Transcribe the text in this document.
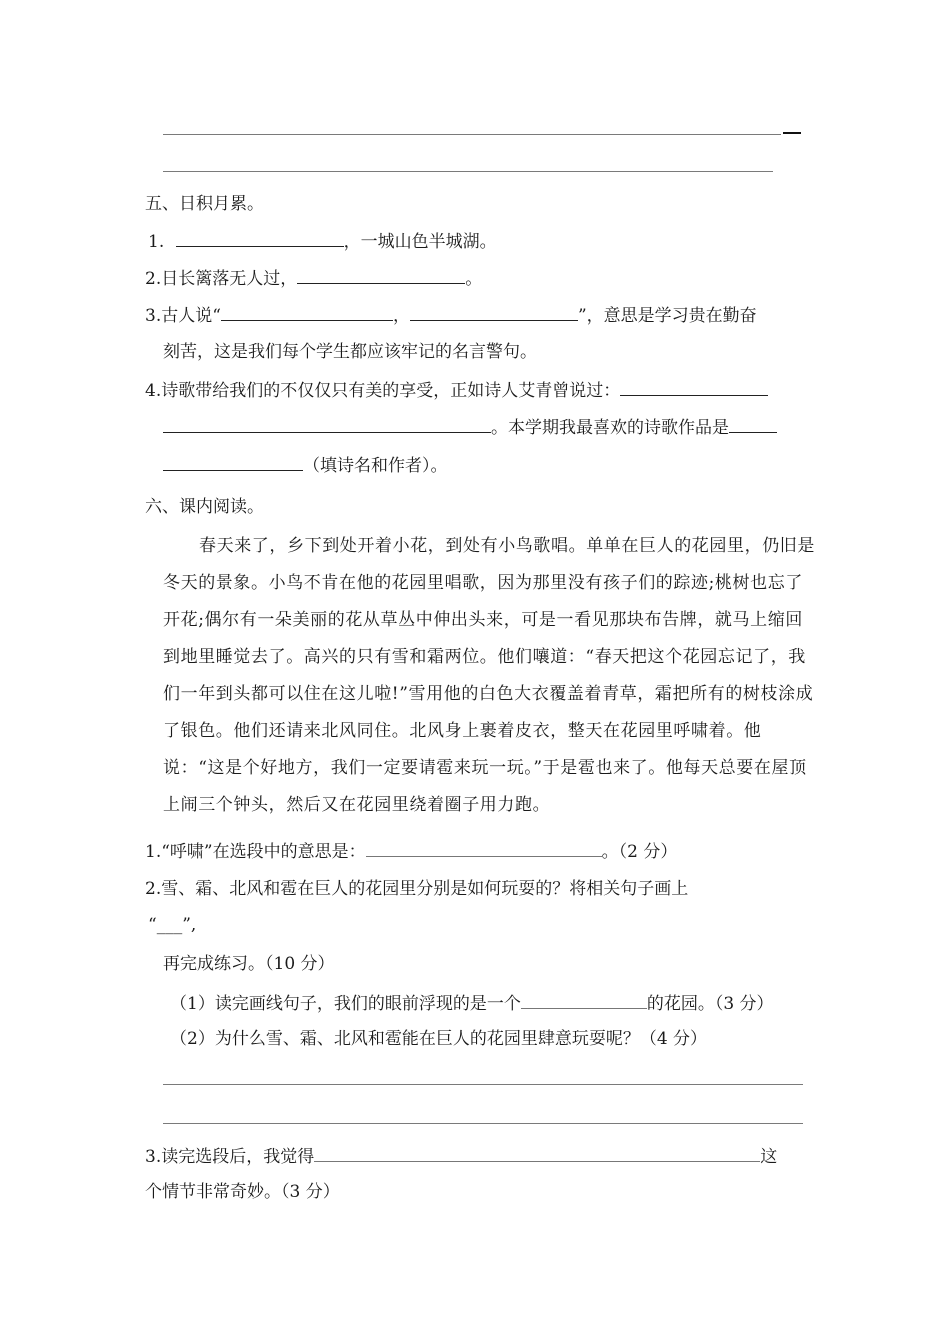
五、日积月累。
1.	，一城山色半城湖。
2.日长篱落无人过，	。
3.古人说“	，	”，意思是学习贵在勤奋
刻苦，这是我们每个学生都应该牢记的名言警句。
4.诗歌带给我们的不仅仅只有美的享受，正如诗人艾青曾说过：
。本学期我最喜欢的诗歌作品是
（填诗名和作者）。
六、课内阅读。
春天来了，乡下到处开着小花，到处有小鸟歌唱。单单在巨人的花园里，仍旧是冬天的景象。小鸟不肯在他的花园里唱歌，因为那里没有孩子们的踪迹;桃树也忘了开花;偶尔有一朵美丽的花从草丛中伸出头来，可是一看见那块布告牌，就马上缩回到地里睡觉去了。高兴的只有雪和霜两位。他们嚷道：“春天把这个花园忘记了，我们一年到头都可以住在这儿啦!”雪用他的白色大衣覆盖着青草，霜把所有的树枝涂成了银色。他们还请来北风同住。北风身上裹着皮衣，整天在花园里呼啸着。他说：“这是个好地方，我们一定要请雹来玩一玩。”于是雹也来了。他每天总要在屋顶上闹三个钟头，然后又在花园里绕着圈子用力跑。
1.“呼啸”在选段中的意思是：	。（2 分）
2.雪、霜、北风和雹在巨人的花园里分别是如何玩耍的？将相关句子画上
“___”,
再完成练习。（10 分）
（1）读完画线句子，我们的眼前浮现的是一个	的花园。（3 分）
（2）为什么雪、霜、北风和雹能在巨人的花园里肆意玩耍呢？（4 分）
3.读完选段后，我觉得	这
个情节非常奇妙。（3 分）
